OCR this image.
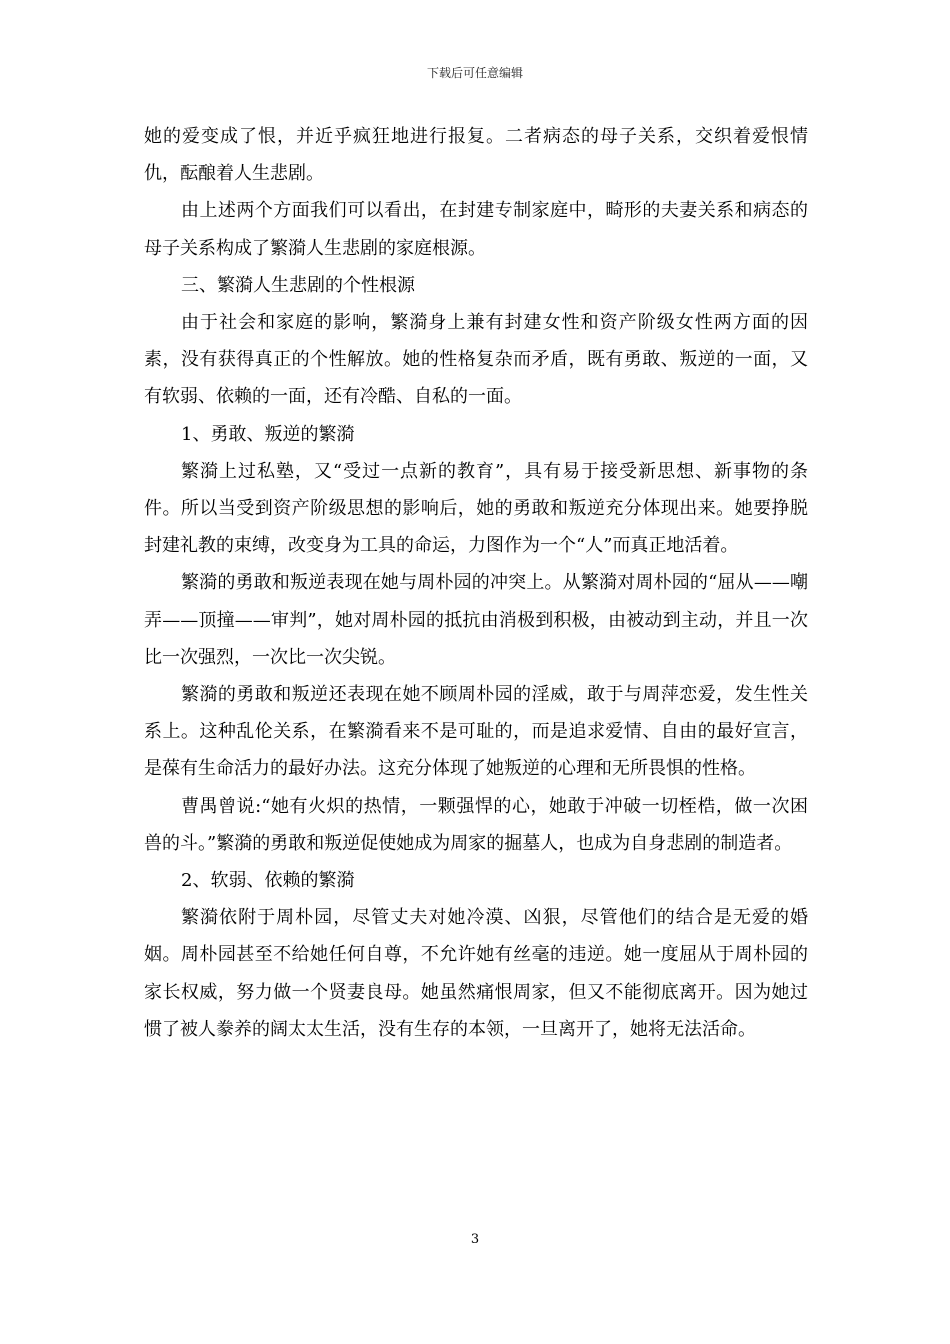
下载后可任意编辑

她的爱变成了恨，并近乎疯狂地进行报复。二者病态的母子关系，交织着爱恨情仇，酝酿着人生悲剧。

由上述两个方面我们可以看出，在封建专制家庭中，畸形的夫妻关系和病态的母子关系构成了繁漪人生悲剧的家庭根源。

三、繁漪人生悲剧的个性根源

由于社会和家庭的影响，繁漪身上兼有封建女性和资产阶级女性两方面的因素，没有获得真正的个性解放。她的性格复杂而矛盾，既有勇敢、叛逆的一面，又有软弱、依赖的一面，还有冷酷、自私的一面。

1、勇敢、叛逆的繁漪

繁漪上过私塾，又“受过一点新的教育”，具有易于接受新思想、新事物的条件。所以当受到资产阶级思想的影响后，她的勇敢和叛逆充分体现出来。她要挣脱封建礼教的束缚，改变身为工具的命运，力图作为一个“人”而真正地活着。

繁漪的勇敢和叛逆表现在她与周朴园的冲突上。从繁漪对周朴园的“屈从——嘲弄——顶撞——审判”，她对周朴园的抵抗由消极到积极，由被动到主动，并且一次比一次强烈，一次比一次尖锐。

繁漪的勇敢和叛逆还表现在她不顾周朴园的淫威，敢于与周萍恋爱，发生性关系上。这种乱伦关系，在繁漪看来不是可耻的，而是追求爱情、自由的最好宣言，是葆有生命活力的最好办法。这充分体现了她叛逆的心理和无所畏惧的性格。

曹禺曾说:“她有火炽的热情，一颗强悍的心，她敢于冲破一切桎梏，做一次困兽的斗。”繁漪的勇敢和叛逆促使她成为周家的掘墓人，也成为自身悲剧的制造者。

2、软弱、依赖的繁漪

繁漪依附于周朴园，尽管丈夫对她冷漠、凶狠，尽管他们的结合是无爱的婚姻。周朴园甚至不给她任何自尊，不允许她有丝毫的违逆。她一度屈从于周朴园的家长权威，努力做一个贤妻良母。她虽然痛恨周家，但又不能彻底离开。因为她过惯了被人豢养的阔太太生活，没有生存的本领，一旦离开了，她将无法活命。

3
